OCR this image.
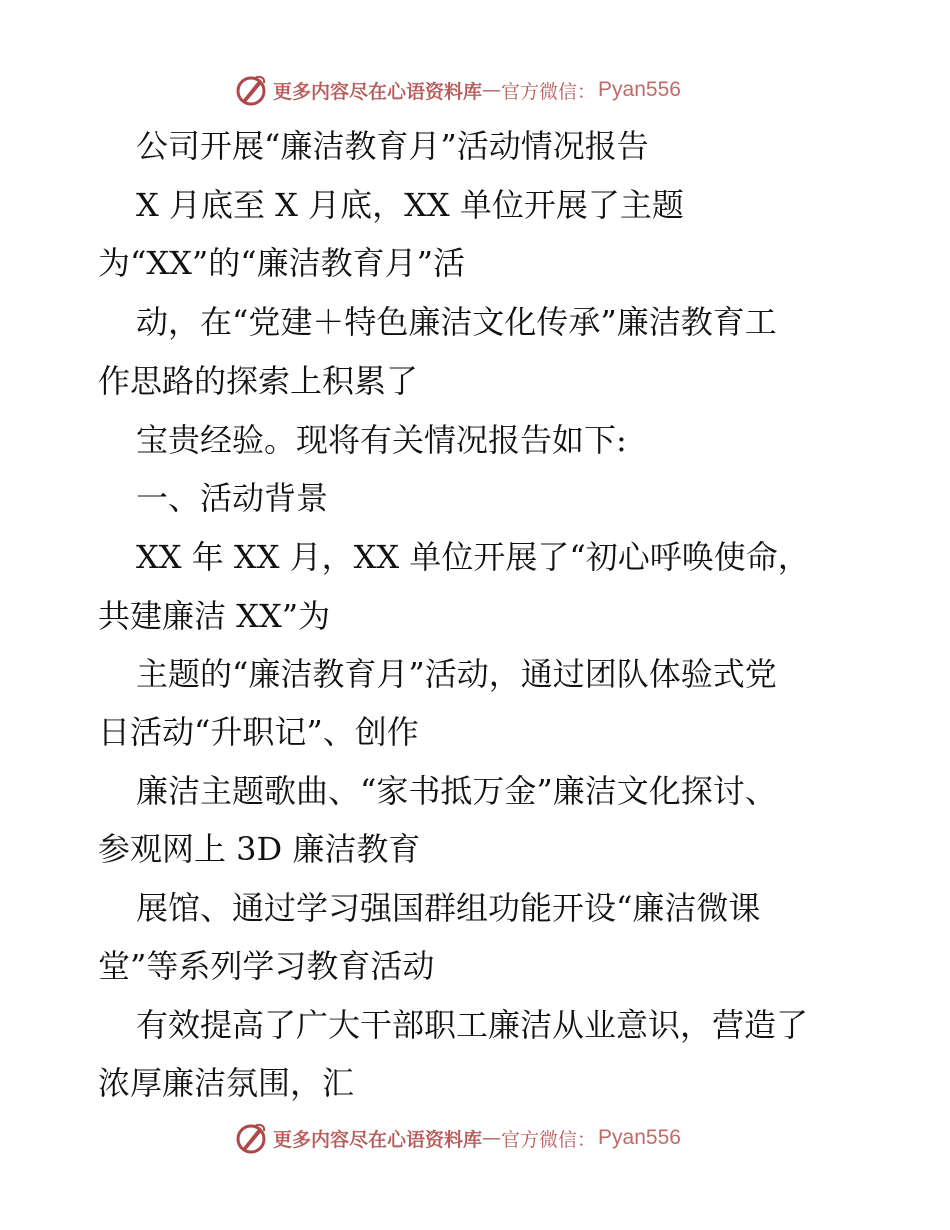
更多内容尽在心语资料库 — 官方微信： Pyan556
公司开展“廉洁教育月”活动情况报告
X 月底至 X 月底，XX 单位开展了主题
为“XX”的“廉洁教育月”活
动，在“党建＋特色廉洁文化传承”廉洁教育工
作思路的探索上积累了
宝贵经验。现将有关情况报告如下:
一、活动背景
XX 年 XX 月，XX 单位开展了“初心呼唤使命，
共建廉洁 XX”为
主题的“廉洁教育月”活动，通过团队体验式党
日活动“升职记”、创作
廉洁主题歌曲、“家书抵万金”廉洁文化探讨、
参观网上 3D 廉洁教育
展馆、通过学习强国群组功能开设“廉洁微课
堂”等系列学习教育活动
有效提高了广大干部职工廉洁从业意识，营造了
浓厚廉洁氛围，汇
更多内容尽在心语资料库 — 官方微信： Pyan556
